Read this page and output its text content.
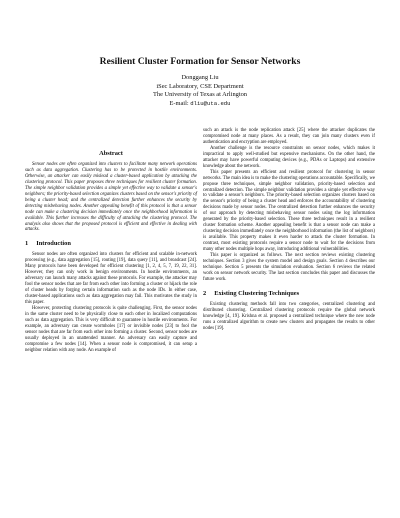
Resilient Cluster Formation for Sensor Networks
Donggang Liu
iSec Laboratory, CSE Department
The University of Texas at Arlington
E-mail: dliu@uta.edu
Abstract

Sensor nodes are often organized into clusters to facilitate many network operations such as data aggregation. Clustering has to be protected in hostile environments. Otherwise, an attacker can easily mislead a cluster-based application by attacking the clustering protocol. This paper proposes three techniques for resilient cluster formation. The simple neighbor validation provides a simple yet effective way to validate a sensor's neighbors; the priority-based selection organizes clusters based on the sensor's priority of being a cluster head; and the centralized detection further enhances the security by detecting misbehaving nodes. Another appealing benefit of this protocol is that a sensor node can make a clustering decision immediately once the neighborhood information is available. This further increases the difficulty of attacking the clustering protocol. The analysis also shows that the proposed protocol is efficient and effective in dealing with attacks.

1 Introduction

Sensor nodes are often organized into clusters for efficient and scalable in-network processing (e.g., data aggregation [15], routing [19], data query [11], and broadcast [24]. Many protocols have been developed for efficient clustering [1, 2, 4, 5, 7, 19, 22, 31]. However, they can only work in benign environments. In hostile environments, an adversary can launch many attacks against these protocols. For example, the attacker may fool the sensor nodes that are far from each other into forming a cluster or hijack the role of cluster heads by forging certain information such as the node IDs. In either case, cluster-based applications such as data aggregation may fail. This motivates the study in this paper.

However, protecting clustering protocols is quite challenging. First, the sensor nodes in the same cluster need to be physically close to each other in localized computations such as data aggregation. This is very difficult to guarantee in hostile environments. For example, an adversary can create wormholes [17] or invisible nodes [23] to fool the sensor nodes that are far from each other into forming a cluster. Second, sensor nodes are usually deployed in an unattended manner. An adversary can easily capture and compromise a few nodes [14]. When a sensor node is compromised, it can setup a neighbor relation with any node. An example of

such an attack is the node replication attack [25] where the attacker duplicates the compromised node at many places. As a result, they can join many clusters even if authentication and encryption are employed.

Another challenge is the resource constraints on sensor nodes, which makes it impractical to apply well-studied but expensive mechanisms. On the other hand, the attacker may have powerful computing devices (e.g., PDAs or Laptops) and extensive knowledge about the network.

This paper presents an efficient and resilient protocol for clustering in sensor networks. The main idea is to make the clustering operations accountable. Specifically, we propose three techniques, simple neighbor validation, priority-based selection and centralized detection. The simple neighbor validation provides a simple yet effective way to validate a sensor's neighbors. The priority-based selection organizes clusters based on the sensor's priority of being a cluster head and enforces the accountability of clustering decisions made by sensor nodes. The centralized detection further enhances the security of our approach by detecting misbehaving sensor nodes using the log information generated by the priority-based selection. These three techniques result in a resilient cluster formation scheme. Another appealing benefit is that a sensor node can make a clustering decision immediately once the neighborhood information (the list of neighbors) is available. This property makes it even harder to attack the cluster formation. In contrast, most existing protocols require a sensor node to wait for the decisions from many other nodes multiple hops away, introducing additional vulnerabilities.

This paper is organized as follows. The next section reviews existing clustering techniques. Section 3 gives the system model and design goals. Section 4 describes our technique. Section 5 presents the simulation evaluation. Section 6 reviews the related work on sensor network security. The last section concludes this paper and discusses the future work.

2 Existing Clustering Techniques

Existing clustering methods fall into two categories, centralized clustering and distributed clustering. Centralized clustering protocols require the global network knowledge [4, 19]. Krishna et al. proposed a centralized technique where the new node runs a centralized algorithm to create new clusters and propagates the results to other nodes [19].
